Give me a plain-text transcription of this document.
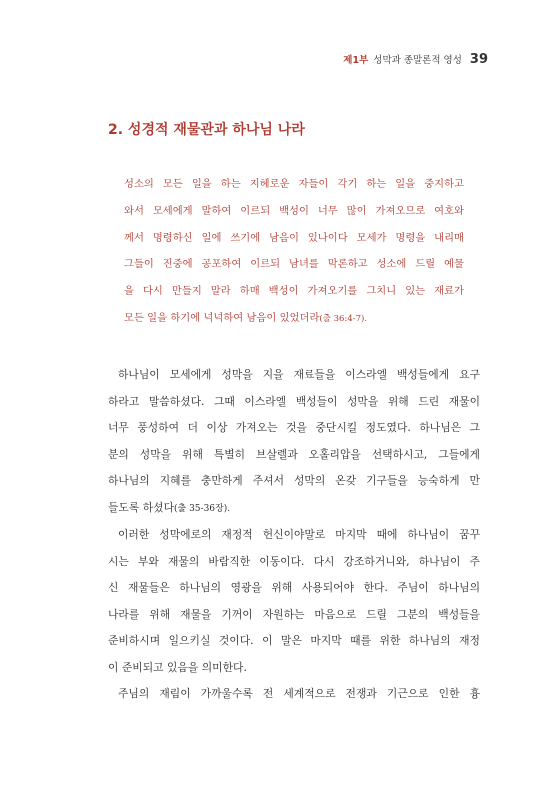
제1부 성막과 종말론적 영성 39
2. 성경적 재물관과 하나님 나라
성소의 모든 일을 하는 지혜로운 자들이 각기 하는 일을 중지하고
와서 모세에게 말하여 이르되 백성이 너무 많이 가져오므로 여호와
께서 명령하신 일에 쓰기에 남음이 있나이다 모세가 명령을 내리매
그들이 진중에 공포하여 이르되 남녀를 막론하고 성소에 드릴 예물
을 다시 만들지 말라 하매 백성이 가져오기를 그치니 있는 재료가
모든 일을 하기에 넉넉하여 남음이 있었더라(출 36:4-7).
하나님이 모세에게 성막을 지을 재료들을 이스라엘 백성들에게 요구
하라고 말씀하셨다. 그때 이스라엘 백성들이 성막을 위해 드린 재물이
너무 풍성하여 더 이상 가져오는 것을 중단시킬 정도였다. 하나님은 그
분의 성막을 위해 특별히 브살렐과 오홀리압을 선택하시고, 그들에게
하나님의 지혜를 충만하게 주셔서 성막의 온갖 기구들을 능숙하게 만
들도록 하셨다(출 35-36장).
이러한 성막에로의 재정적 헌신이야말로 마지막 때에 하나님이 꿈꾸
시는 부와 재물의 바람직한 이동이다. 다시 강조하거니와, 하나님이 주
신 재물들은 하나님의 영광을 위해 사용되어야 한다. 주님이 하나님의
나라를 위해 재물을 기꺼이 자원하는 마음으로 드릴 그분의 백성들을
준비하시며 일으키실 것이다. 이 말은 마지막 때를 위한 하나님의 재정
이 준비되고 있음을 의미한다.
주님의 재림이 가까울수록 전 세계적으로 전쟁과 기근으로 인한 흉
